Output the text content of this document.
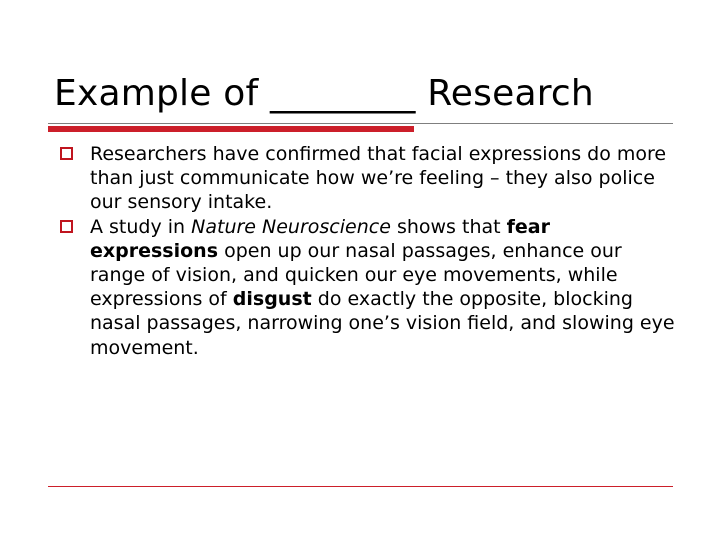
Example of ________ Research

Researchers have confirmed that facial expressions do more than just communicate how we’re feeling – they also police our sensory intake.

A study in Nature Neuroscience shows that fear expressions open up our nasal passages, enhance our range of vision, and quicken our eye movements, while expressions of disgust do exactly the opposite, blocking nasal passages, narrowing one’s vision field, and slowing eye movement.
